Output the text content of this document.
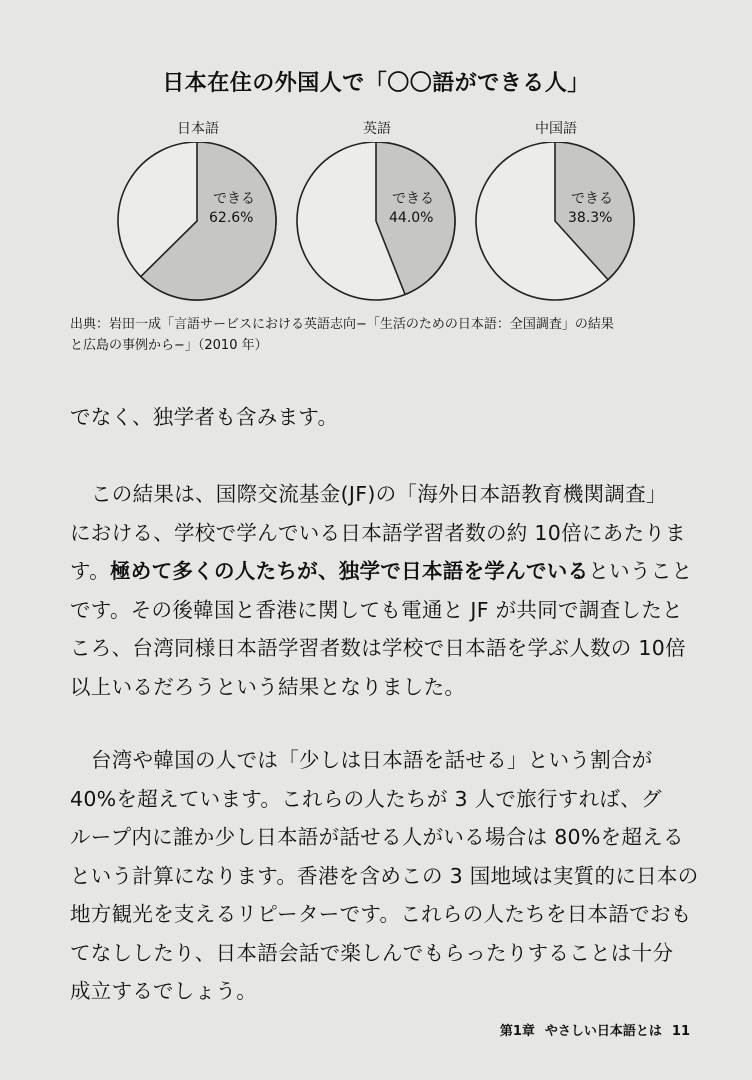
日本在住の外国人で「〇〇語ができる人」
日本語	英語	中国語
できる
62.6%
できる
44.0%
できる
38.3%
出典：岩田一成「言語サービスにおける英語志向−「生活のための日本語：全国調査」の結果
と広島の事例から−」（2010 年）
でなく、独学者も含みます。
この結果は、国際交流基金(JF)の「海外日本語教育機関調査」
における、学校で学んでいる日本語学習者数の約 10倍にあたりま
す。極めて多くの人たちが、独学で日本語を学んでいるということ
です。その後韓国と香港に関しても電通と JF が共同で調査したと
ころ、台湾同様日本語学習者数は学校で日本語を学ぶ人数の 10倍
以上いるだろうという結果となりました。
台湾や韓国の人では「少しは日本語を話せる」という割合が
40%を超えています。これらの人たちが 3 人で旅行すれば、グ
ループ内に誰か少し日本語が話せる人がいる場合は 80%を超える
という計算になります。香港を含めこの 3 国地域は実質的に日本の
地方観光を支えるリピーターです。これらの人たちを日本語でおも
てなししたり、日本語会話で楽しんでもらったりすることは十分
成立するでしょう。
第1章 やさしい日本語とは 11
